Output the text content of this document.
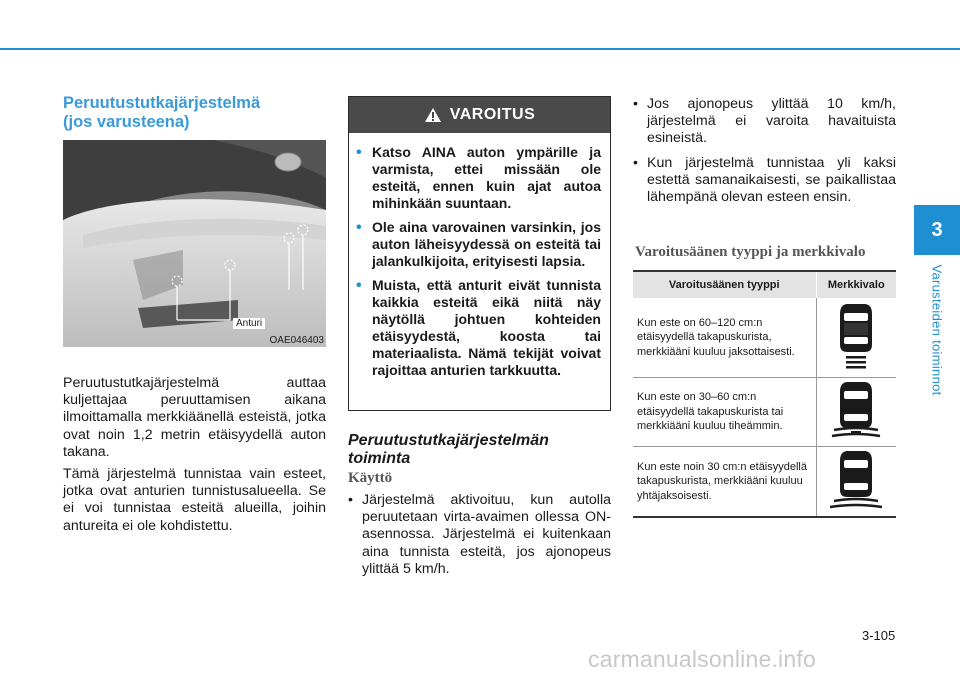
3
Varusteiden toiminnot
Peruutustutkajärjestelmä
(jos varusteena)
Anturi
OAE046403

Peruutustutkajärjestelmä auttaa kuljettajaa peruuttamisen aikana ilmoittamalla merkkiäänellä esteistä, jotka ovat noin 1,2 metrin etäisyydellä auton takana.

Tämä järjestelmä tunnistaa vain esteet, jotka ovat anturien tunnistusalueella. Se ei voi tunnistaa esteitä alueilla, joihin antureita ei ole kohdistettu.

VAROITUS
• Katso AINA auton ympärille ja varmista, ettei missään ole esteitä, ennen kuin ajat autoa mihinkään suuntaan.
• Ole aina varovainen varsinkin, jos auton läheisyydessä on esteitä tai jalankulkijoita, erityisesti lapsia.
• Muista, että anturit eivät tunnista kaikkia esteitä eikä niitä näy näytöllä johtuen kohteiden etäisyydestä, koosta tai materiaalista. Nämä tekijät voivat rajoittaa anturien tarkkuutta.
Peruutustutkajärjestelmän
toiminta
Käyttö
• Järjestelmä aktivoituu, kun autolla peruutetaan virta-avaimen ollessa ON-asennossa. Järjestelmä ei kuitenkaan aina tunnista esteitä, jos ajonopeus ylittää 5 km/h.
• Jos ajonopeus ylittää 10 km/h, järjestelmä ei varoita havaituista esineistä.
• Kun järjestelmä tunnistaa yli kaksi estettä samanaikaisesti, se paikallistaa lähempänä olevan esteen ensin.
Varoitusäänen tyyppi ja merkkivalo
Varoitusäänen tyyppi	Merkkivalo
Kun este on 60–120 cm:n etäisyydellä takapuskurista, merkkiääni kuuluu jaksottaisesti.	
Kun este on 30–60 cm:n etäisyydellä takapuskurista tai merkkiääni kuuluu tiheämmin.	
Kun este noin 30 cm:n etäisyydellä takapuskurista, merkkiääni kuuluu yhtäjaksoisesti.	
3-105
carmanualsonline.info
